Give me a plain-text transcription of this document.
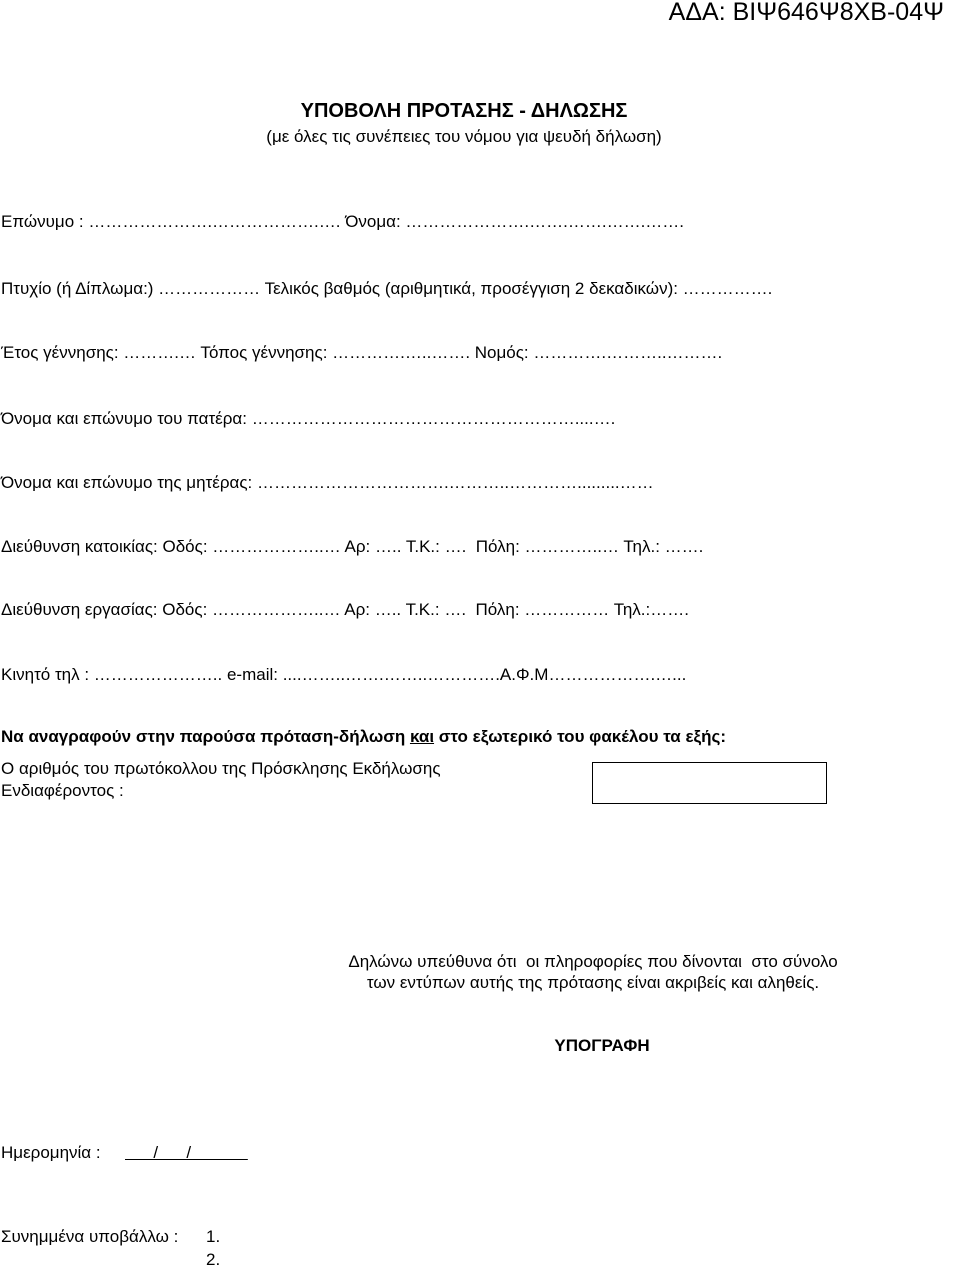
ΑΔΑ: ΒΙΨ646Ψ8ΧΒ-04Ψ
ΥΠΟΒΟΛΗ ΠΡΟΤΑΣΗΣ - ΔΗΛΩΣΗΣ
(με όλες τις συνέπειες του νόμου για ψευδή δήλωση)
Επώνυμο : ………………….……………….…. Όνομα: ………………….…….…….…….…….
Πτυχίο (ή Δίπλωμα:) ……………… Τελικός βαθμός (αριθμητικά, προσέγγιση 2 δεκαδικών): …………….
Έτος γέννησης: ……….… Τόπος γέννησης: ………….…..……. Νομός: ………….………..……….
Όνομα και επώνυμο του πατέρα: …………………………………………………....….
Όνομα και επώνυμο της μητέρας: …………………………….………..………….........……
Διεύθυνση κατοικίας: Οδός: ………………..… Αρ: ….. Τ.Κ.: ….  Πόλη: …………..… Τηλ.: …….
Διεύθυνση εργασίας: Οδός: ………………..… Αρ: ….. Τ.Κ.: ….  Πόλη: …………… Τηλ.:…….
Κινητό τηλ : ………………….. e-mail: ....……..…….……..………….Α.Φ.Μ……………….…...
Να αναγραφούν στην παρούσα πρόταση-δήλωση και στο εξωτερικό του φακέλου τα εξής:
Ο αριθμός του πρωτόκολλου της Πρόσκλησης Εκδήλωσης Ενδιαφέροντος :
Δηλώνω υπεύθυνα ότι  οι πληροφορίες που δίνονται  στο σύνολο
των εντύπων αυτής της πρότασης είναι ακριβείς και αληθείς.
ΥΠΟΓΡΑΦΗ
Ημερομηνία : /      /
Συνημμένα υποβάλλω : 1.
2.
